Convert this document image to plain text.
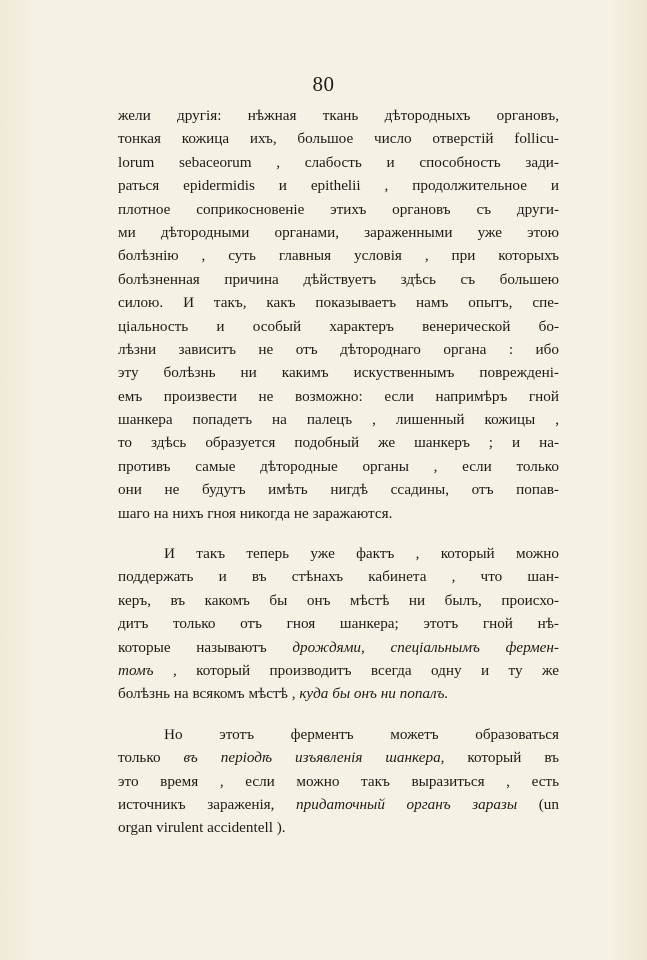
80
жели другія: нѣжная ткань дѣтородныхъ органовъ,
тонкая кожица ихъ, большое число отверстій follicu-
lorum sebaceorum , слабость и способность зади-
раться epidermidis и epithelii , продолжительное и
плотное соприкосновеніе этихъ органовъ съ други-
ми дѣтородными органами, зараженными уже этою
болѣзнію , суть главныя условія , при которыхъ
болѣзненная причина дѣйствуетъ здѣсь съ большею
силою. И такъ, какъ показываетъ намъ опытъ, спе-
ціальность и особый характеръ венерической бо-
лѣзни зависитъ не отъ дѣтороднаго органа : ибо
эту болѣзнь ни какимъ искуственнымъ поврежденi-
емъ произвести не возможно: если напримѣръ гной
шанкера попадетъ на палецъ , лишенный кожицы ,
то здѣсь образуется подобный же шанкеръ ; и на-
противъ самые дѣтородные органы , если только
они не будутъ имѣть нигдѣ ссадины, отъ попав-
шаго на нихъ гноя никогда не заражаются.
И такъ теперь уже фактъ , который можно
поддержать и въ стѣнахъ кабинета , что шан-
керъ, въ какомъ бы онъ мѣстѣ ни былъ, происхо-
дитъ только отъ гноя шанкера; этотъ гной нѣ-
которые называютъ дрождями, спеціальнымъ фермен-
томъ , который производитъ всегда одну и ту же
болѣзнь на всякомъ мѣстѣ , куда бы онъ ни попалъ.
Но этотъ ферментъ можетъ образоваться
только въ періодѣ изъявленія шанкера, который въ
это время , если можно такъ выразиться , есть
источникъ зараженія, придаточный органъ заразы (un
organ virulent accidentell ).
